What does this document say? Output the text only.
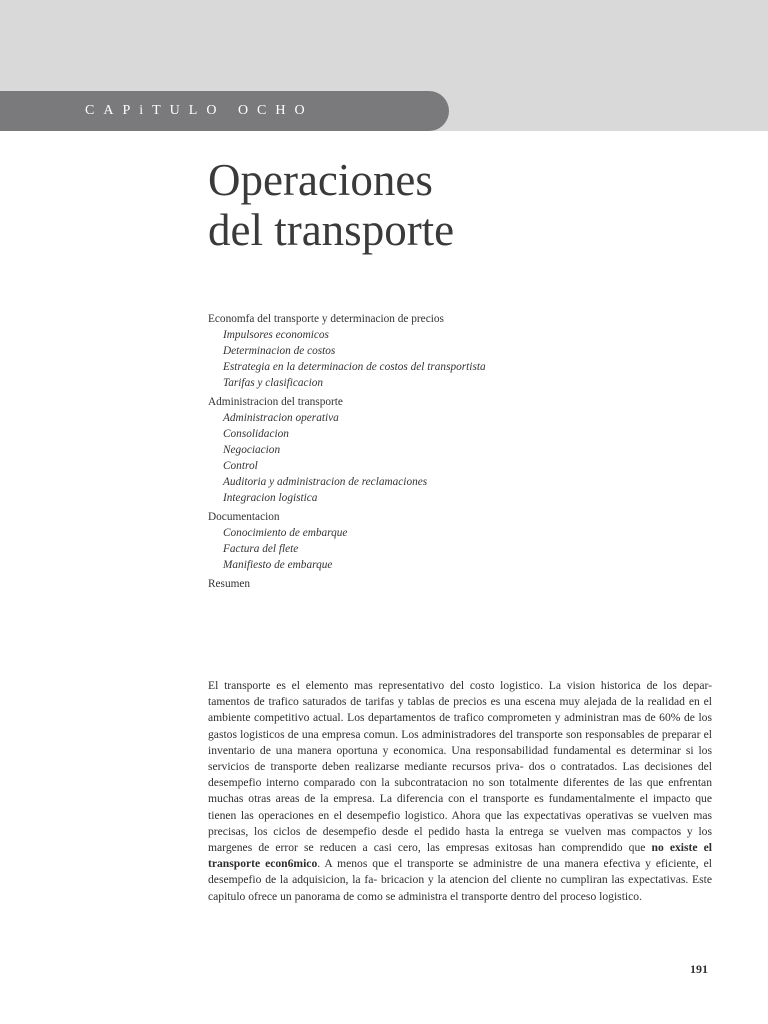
CAPiTULO OCHO
Operaciones
del transporte
Economfa del transporte y determinacion de precios
Impulsores economicos
Determinacion de costos
Estrategia en la determinacion de costos del transportista
Tarifas y clasificacion
Administracion del transporte
Administracion operativa
Consolidacion
Negociacion
Control
Auditoria y administracion de reclamaciones
Integracion logistica
Documentacion
Conocimiento de embarque
Factura del flete
Manifiesto de embarque
Resumen

El transporte es el elemento mas representativo del costo logistico. La vision historica de los depar- tamentos de trafico saturados de tarifas y tablas de precios es una escena muy alejada de la realidad en el ambiente competitivo actual. Los departamentos de trafico comprometen y administran mas de 60% de los gastos logisticos de una empresa comun. Los administradores del transporte son responsables de preparar el inventario de una manera oportuna y economica. Una responsabilidad fundamental es determinar si los servicios de transporte deben realizarse mediante recursos priva- dos o contratados. Las decisiones del desempefio interno comparado con la subcontratacion no son totalmente diferentes de las que enfrentan muchas otras areas de la empresa. La diferencia con el transporte es fundamentalmente el impacto que tienen las operaciones en el desempefio logistico. Ahora que las expectativas operativas se vuelven mas precisas, los ciclos de desempefio desde el pedido hasta la entrega se vuelven mas compactos y los margenes de error se reducen a casi cero, las empresas exitosas han comprendido que no existe el transporte econ6mico. A menos que el transporte se administre de una manera efectiva y eficiente, el desempefio de la adquisicion, la fa- bricacion y la atencion del cliente no cumpliran las expectativas. Este capitulo ofrece un panorama de como se administra el transporte dentro del proceso logistico.

191
